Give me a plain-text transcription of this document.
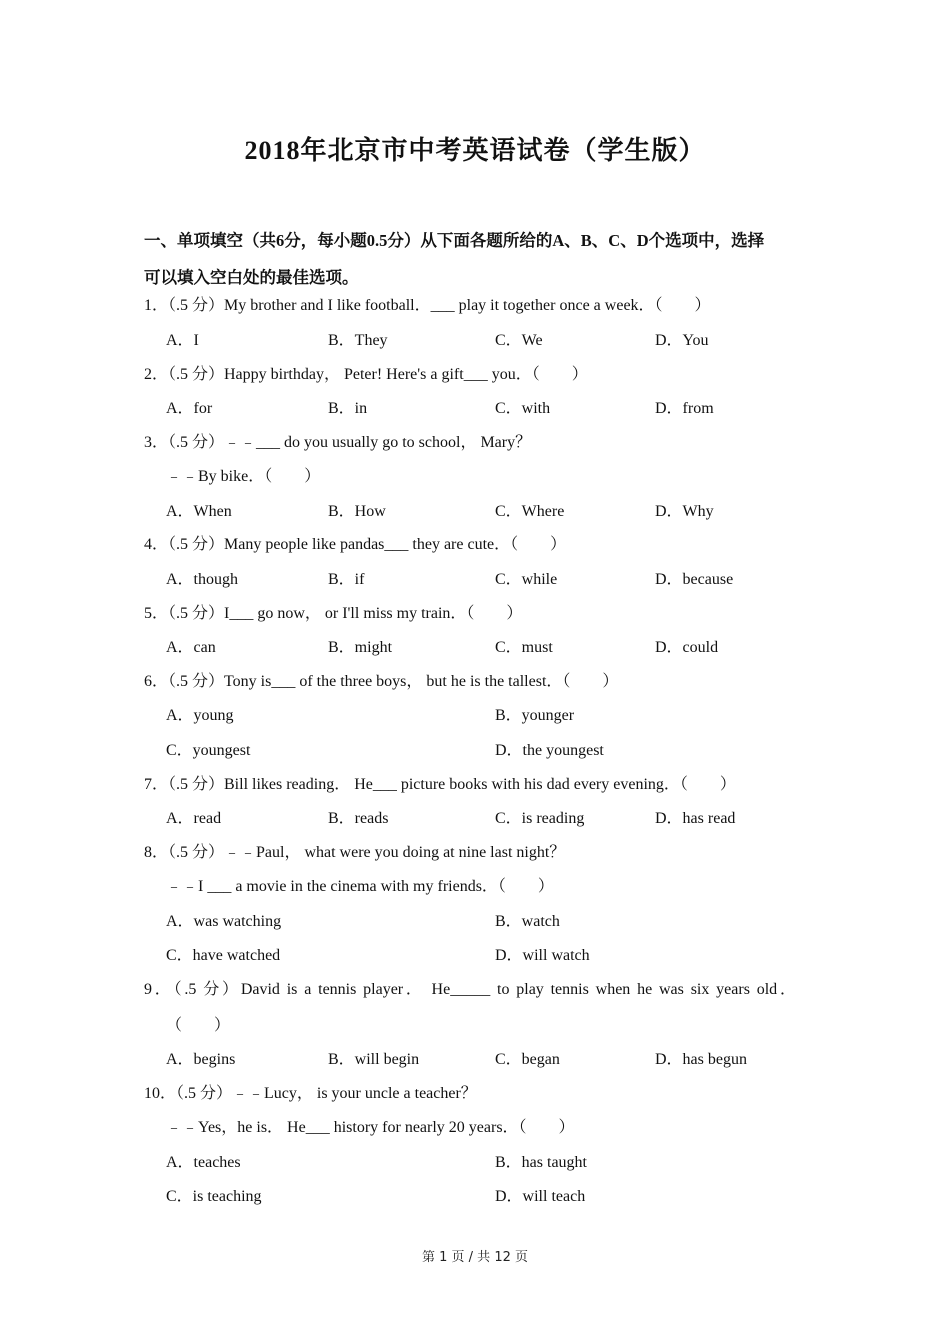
2018年北京市中考英语试卷（学生版）
一、单项填空（共6分，每小题0.5分）从下面各题所给的A、B、C、D个选项中，选择
可以填入空白处的最佳选项。
1．（.5 分）My brother and I like football．___ play it together once a week．（　　）
A．I	B．They	C．We	D．You
2．（.5 分）Happy birthday， Peter! Here's a gift___ you．（　　）
A．for	B．in	C．with	D．from
3．（.5 分）﹣﹣___ do you usually go to school， Mary？
﹣﹣By bike．（　　）
A．When	B．How	C．Where	D．Why
4．（.5 分）Many people like pandas___ they are cute．（　　）
A．though	B．if	C．while	D．because
5．（.5 分）I___ go now， or I'll miss my train．（　　）
A．can	B．might	C．must	D．could
6．（.5 分）Tony is___ of the three boys， but he is the tallest．（　　）
A．young	B．younger
C．youngest	D．the youngest
7．（.5 分）Bill likes reading． He___ picture books with his dad every evening．（　　）
A．read	B．reads	C．is reading	D．has read
8．（.5 分）﹣﹣Paul， what were you doing at nine last night？
﹣﹣I ___ a movie in the cinema with my friends．（　　）
A．was watching	B．watch
C．have watched	D．will watch
9．（.5 分）David is a tennis player． He_____ to play tennis when he was six years old．
（　　）
A．begins	B．will begin	C．began	D．has begun
10．（.5 分）﹣﹣Lucy， is your uncle a teacher？
﹣﹣Yes，he is． He___ history for nearly 20 years．（　　）
A．teaches	B．has taught
C．is teaching	D．will teach
第 1 页 / 共 12 页
